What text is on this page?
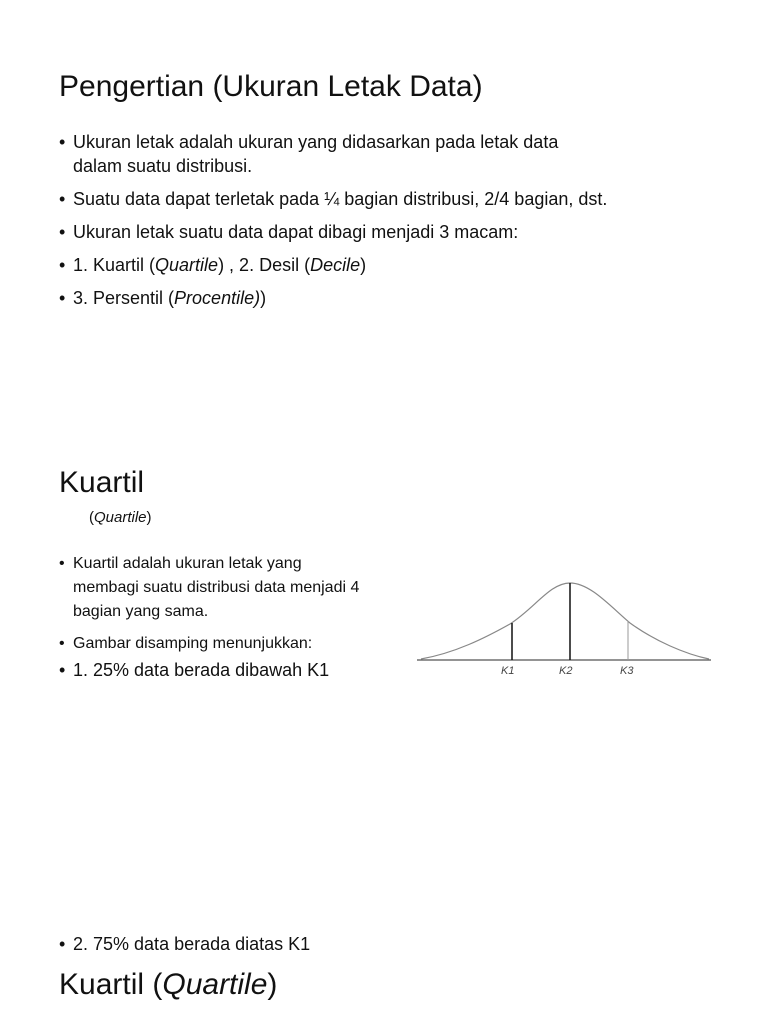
Pengertian (Ukuran Letak Data)
• Ukuran letak adalah ukuran yang didasarkan pada letak data
dalam suatu distribusi.
• Suatu data dapat terletak pada ¼ bagian distribusi, 2/4 bagian, dst.
• Ukuran letak suatu data dapat dibagi menjadi 3 macam:
• 1. Kuartil (Quartile) , 2. Desil (Decile)
• 3. Persentil (Procentile))
Kuartil
(Quartile)
• Kuartil adalah ukuran letak yang
membagi suatu distribusi data menjadi 4
bagian yang sama.
• Gambar disamping menunjukkan:
• 1. 25% data berada dibawah K1	K1	K2	K3
• 2. 75% data berada diatas K1
Kuartil (Quartile)
